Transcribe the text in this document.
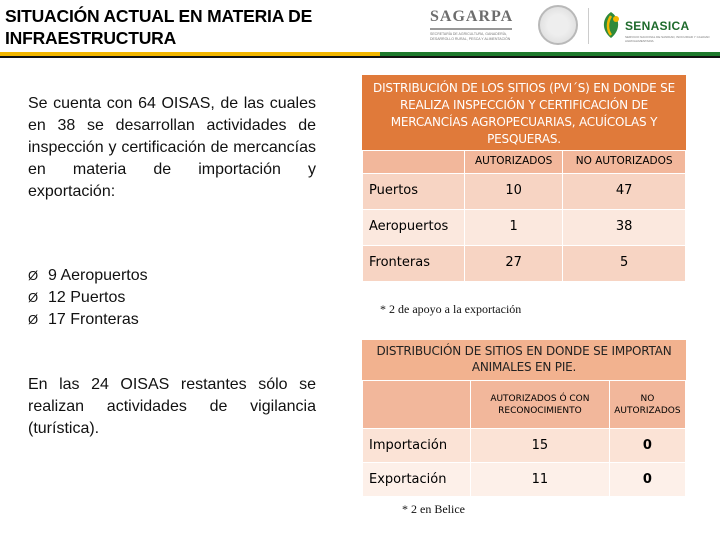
SITUACIÓN ACTUAL EN MATERIA DE INFRAESTRUCTURA
SAGARPA
SECRETARÍA DE AGRICULTURA, GANADERÍA, DESARROLLO RURAL, PESCA Y ALIMENTACIÓN
SENASICA
SERVICIO NACIONAL DE SANIDAD, INOCUIDAD Y CALIDAD AGROALIMENTARIA

Se cuenta con 64 OISAS, de las cuales en 38 se desarrollan actividades de inspección y certificación de mercancías en materia de importación y exportación:

Ø 9 Aeropuertos
Ø 12 Puertos
Ø 17 Fronteras

En las 24 OISAS restantes sólo se realizan actividades de vigilancia (turística).

DISTRIBUCIÓN DE LOS SITIOS (PVI´S) EN DONDE SE REALIZA INSPECCIÓN Y CERTIFICACIÓN DE MERCANCÍAS AGROPECUARIAS, ACUÍCOLAS Y PESQUERAS.
	AUTORIZADOS	NO AUTORIZADOS
Puertos	10	47
Aeropuertos	1	38
Fronteras	27	5
* 2 de apoyo a la exportación
DISTRIBUCIÓN DE SITIOS EN DONDE SE IMPORTAN ANIMALES EN PIE.
	AUTORIZADOS Ó CON RECONOCIMIENTO	NO AUTORIZADOS
Importación	15	0
Exportación	11	0
* 2 en Belice
